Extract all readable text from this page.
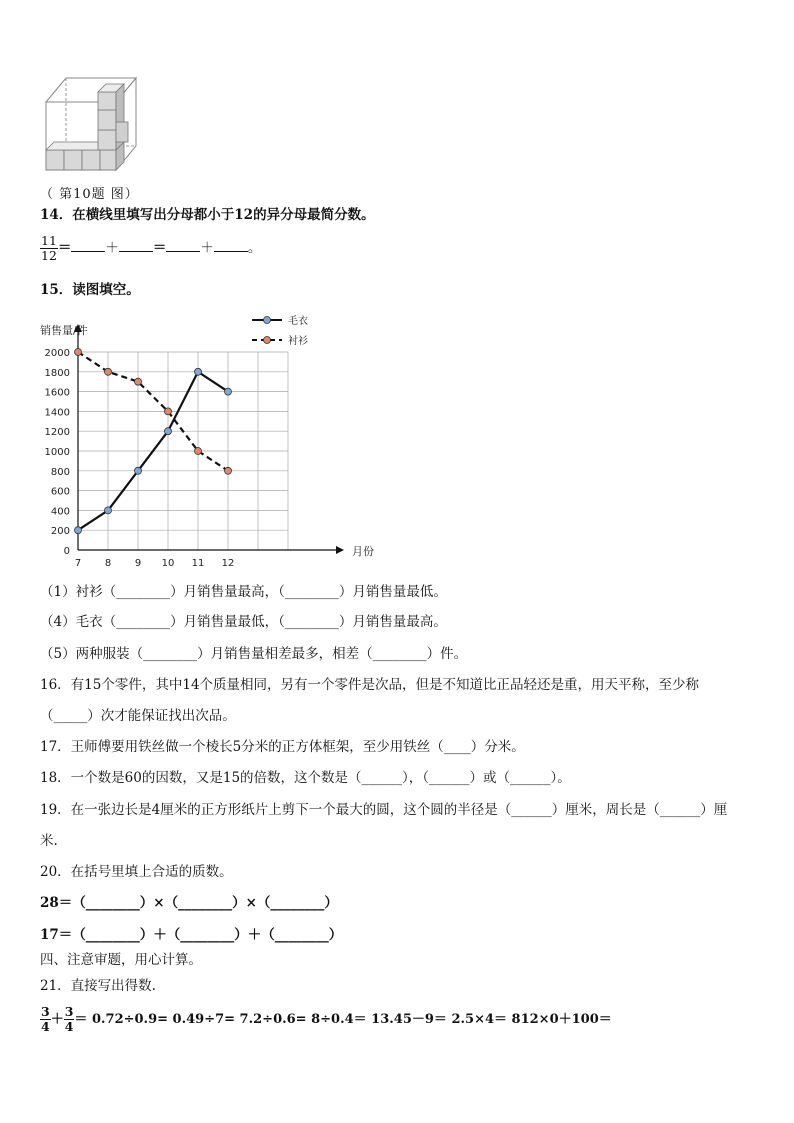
（ 第10题 图）
14．在横线里填写出分母都小于12的异分母最简分数。
$\frac{11}{12}$ ＝	＋	＝	＋	。
15．读图填空。
0
200
400
600
800
1000
1200
1400
1600
1800
2000
7 8 9 10 11 12
销售量/件
月份
毛衣
衬衫
（1）衬衫（________）月销售量最高，（________）月销售量最低。
（4）毛衣（________）月销售量最低，（________）月销售量最高。
（5）两种服装（________）月销售量相差最多，相差（________）件。
16．有15个零件，其中14个质量相同，另有一个零件是次品，但是不知道比正品轻还是重，用天平称，至少称
（_____）次才能保证找出次品。
17．王师傅要用铁丝做一个棱长5分米的正方体框架，至少用铁丝（____）分米。
18．一个数是60的因数，又是15的倍数，这个数是（______），（______）或（______）。
19．在一张边长是4厘米的正方形纸片上剪下一个最大的圆，这个圆的半径是（______）厘米，周长是（______）厘
米.
20．在括号里填上合适的质数。
28＝（________）×（________）×（________）
17＝（________）＋（________）＋（________）
四、注意审题，用心计算。
21．直接写出得数.
$\frac{3}{4} + \frac{3}{4} = 0.72\div 0.9= 0.49\div 7= 7.2\div 0.6= 8\div 0.4= 13.45-9= 2.5\times 4= 812\times 0+100=$
